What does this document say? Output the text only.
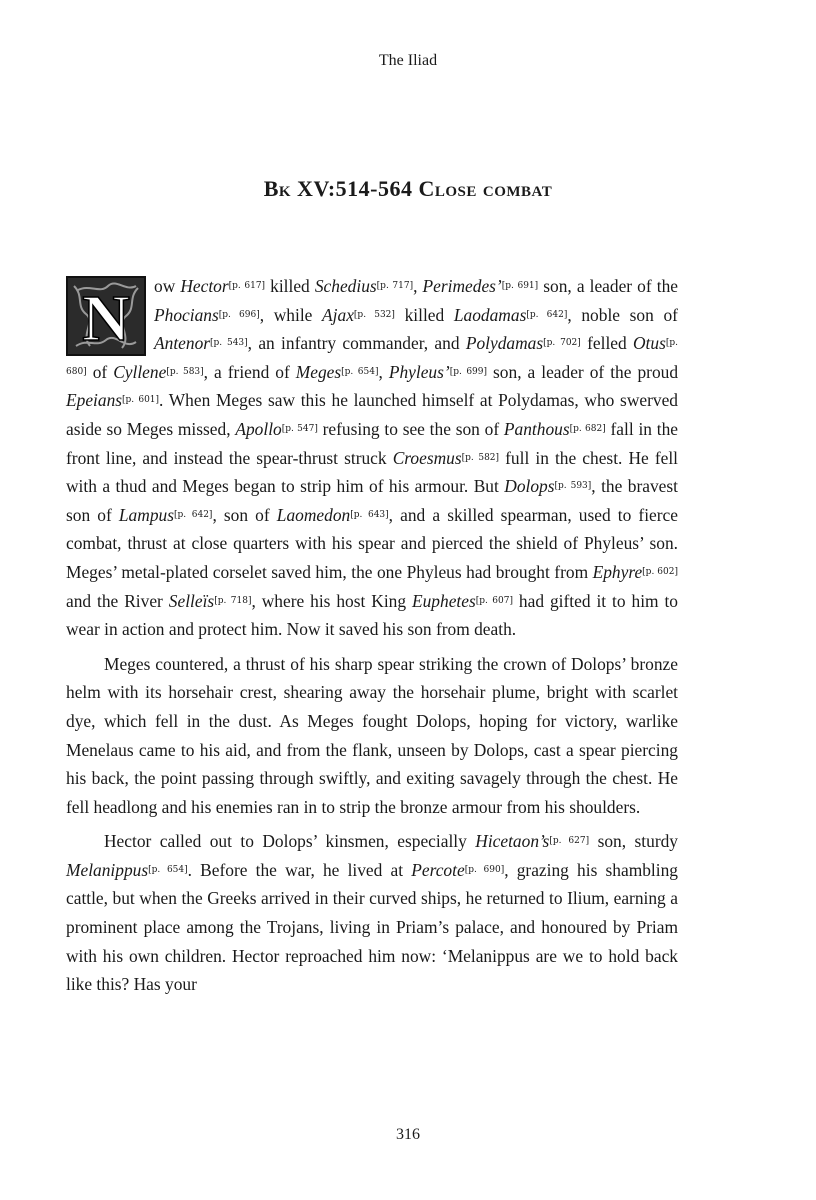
The Iliad
Bk XV:514-564 Close combat

N ow Hector[p. 617] killed Schedius[p. 717], Perimedes’[p. 691] son, a leader of the Phocians[p. 696], while Ajax[p. 532] killed Laodamas[p. 642], noble son of Antenor[p. 543], an infantry commander, and Polydamas[p. 702] felled Otus[p. 680] of Cyllene[p. 583], a friend of Meges[p. 654], Phyleus’[p. 699] son, a leader of the proud Epeians[p. 601]. When Meges saw this he launched himself at Polydamas, who swerved aside so Meges missed, Apollo[p. 547] refusing to see the son of Panthous[p. 682] fall in the front line, and instead the spear-thrust struck Croesmus[p. 582] full in the chest. He fell with a thud and Meges began to strip him of his armour. But Dolops[p. 593], the bravest son of Lampus[p. 642], son of Laomedon[p. 643], and a skilled spearman, used to fierce combat, thrust at close quarters with his spear and pierced the shield of Phyleus’ son. Meges’ metal-plated corselet saved him, the one Phyleus had brought from Ephyre[p. 602] and the River Selleïs[p. 718], where his host King Euphetes[p. 607] had gifted it to him to wear in action and protect him. Now it saved his son from death.

Meges countered, a thrust of his sharp spear striking the crown of Dolops’ bronze helm with its horsehair crest, shearing away the horsehair plume, bright with scarlet dye, which fell in the dust. As Meges fought Dolops, hoping for victory, warlike Menelaus came to his aid, and from the flank, unseen by Dolops, cast a spear piercing his back, the point passing through swiftly, and exiting savagely through the chest. He fell headlong and his enemies ran in to strip the bronze armour from his shoulders.

Hector called out to Dolops’ kinsmen, especially Hicetaon’s[p. 627] son, sturdy Melanippus[p. 654]. Before the war, he lived at Percote[p. 690], grazing his shambling cattle, but when the Greeks arrived in their curved ships, he returned to Ilium, earning a prominent place among the Trojans, living in Priam’s palace, and honoured by Priam with his own children. Hector reproached him now: ‘Melanippus are we to hold back like this? Has your

316
